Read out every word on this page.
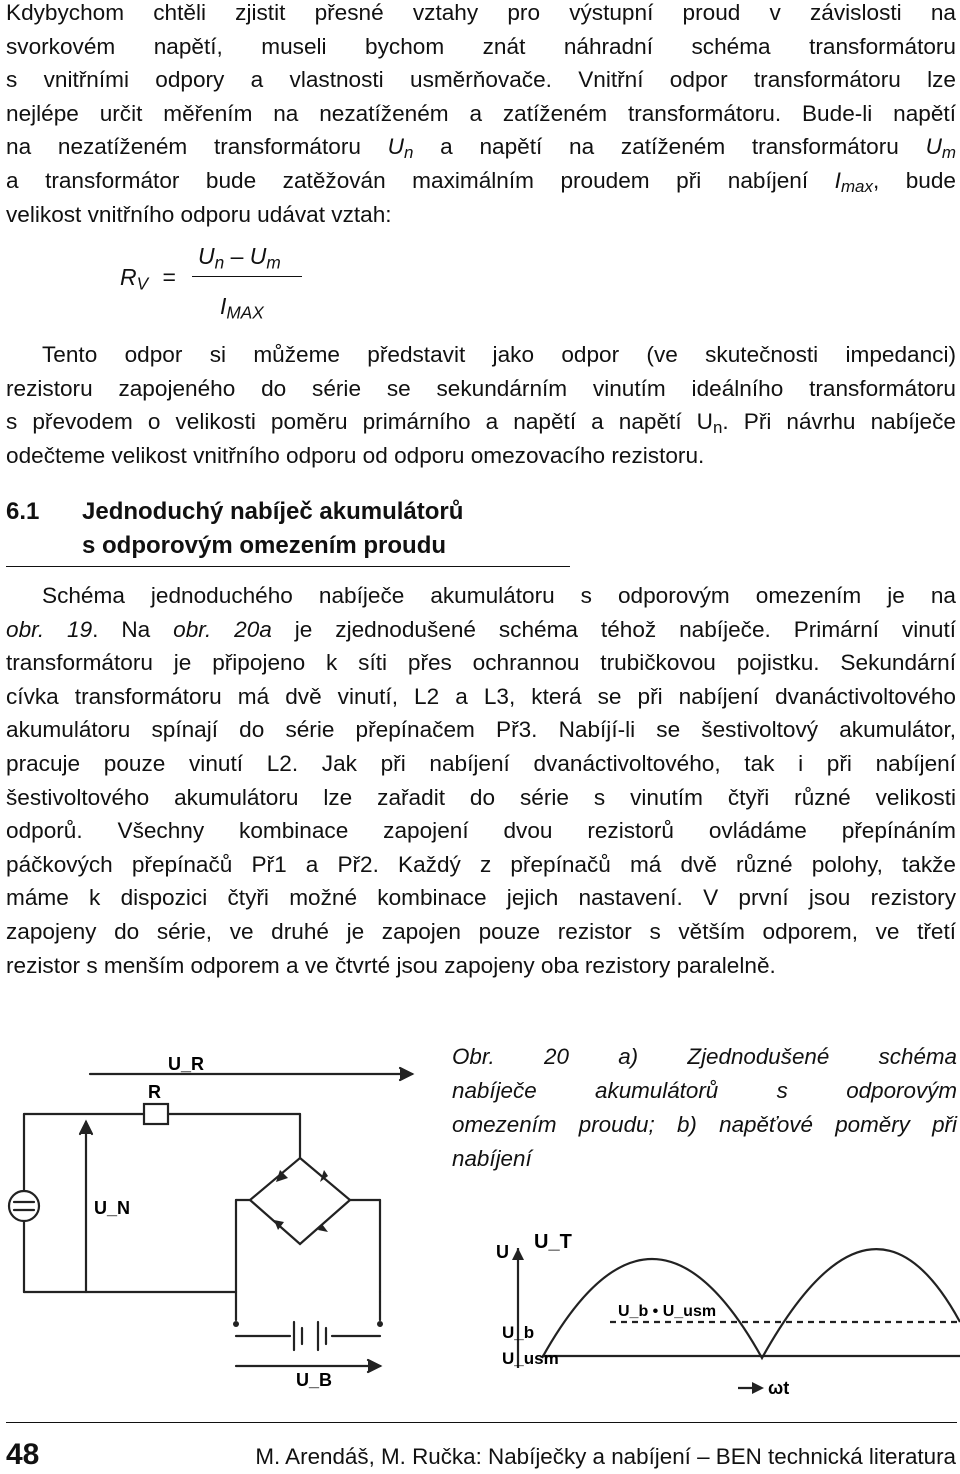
Kdybychom chtěli zjistit přesné vztahy pro výstupní proud v závislosti na
svorkovém napětí, museli bychom znát náhradní schéma transformátoru
s vnitřními odpory a vlastnosti usměrňovače. Vnitřní odpor transformátoru lze
nejlépe určit měřením na nezatíženém a zatíženém transformátoru. Bude-li napětí
na nezatíženém transformátoru $U_n$ a napětí na zatíženém transformátoru $U_m$
a transformátor bude zatěžován maximálním proudem při nabíjení $I_{max}$, bude
velikost vnitřního odporu udávat vztah:
$R_V$ =
$U_n - U_m$
$I_{MAX}$
Tento odpor si můžeme představit jako odpor (ve skutečnosti impedanci)
rezistoru zapojeného do série se sekundárním vinutím ideálního transformátoru
s převodem o velikosti poměru primárního a napětí a napětí $U_n$. Při návrhu nabíječe
odečteme velikost vnitřního odporu od odporu omezovacího rezistoru.
6.1 Jednoduchý nabíječ akumulátorů
s odporovým omezením proudu
Schéma jednoduchého nabíječe akumulátoru s odporovým omezením je na
obr. 19. Na obr. 20a je zjednodušené schéma téhož nabíječe. Primární vinutí
transformátoru je připojeno k síti přes ochrannou trubičkovou pojistku. Sekundární
cívka transformátoru má dvě vinutí, L2 a L3, která se při nabíjení dvanáctivoltového
akumulátoru spínají do série přepínačem Př3. Nabíjí-li se šestivoltový akumulátor,
pracuje pouze vinutí L2. Jak při nabíjení dvanáctivoltového, tak i při nabíjení
šestivoltového akumulátoru lze zařadit do série s vinutím čtyři různé velikosti
odporů. Všechny kombinace zapojení dvou rezistorů ovládáme přepínáním
páčkových přepínačů Př1 a Př2. Každý z přepínačů má dvě různé polohy, takže
máme k dispozici čtyři možné kombinace jejich nastavení. V první jsou rezistory
zapojeny do série, ve druhé je zapojen pouze rezistor s větším odporem, ve třetí
rezistor s menším odporem a ve čtvrté jsou zapojeny oba rezistory paralelně.
U_R
R
U_N
U_B
Obr. 20 a) Zjednodušené schéma
nabíječe akumulátorů s odporovým
omezením proudu; b) napěťové poměry při
nabíjení
U U_T
U_b • U_usm
U_b
U_usm
ωt
48	M. Arendáš, M. Ručka: Nabíječky a nabíjení – BEN technická literatura
